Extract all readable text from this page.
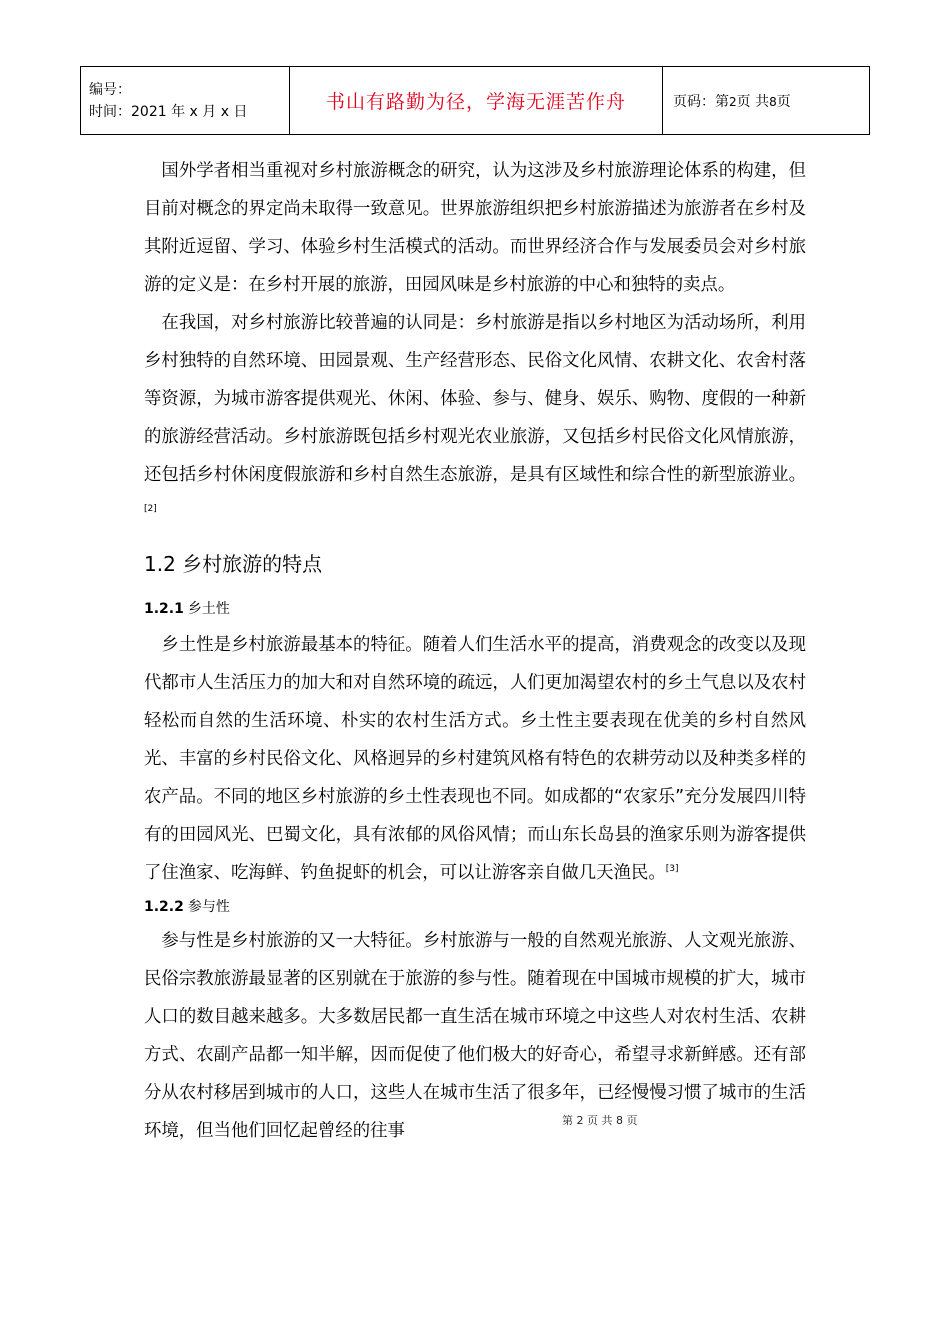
编号：
时间：2021 年 x 月 x 日	书山有路勤为径，学海无涯苦作舟	页码：第2页 共8页

国外学者相当重视对乡村旅游概念的研究，认为这涉及乡村旅游理论体系的构建，但目前对概念的界定尚未取得一致意见。世界旅游组织把乡村旅游描述为旅游者在乡村及其附近逗留、学习、体验乡村生活模式的活动。而世界经济合作与发展委员会对乡村旅游的定义是：在乡村开展的旅游，田园风味是乡村旅游的中心和独特的卖点。

在我国，对乡村旅游比较普遍的认同是：乡村旅游是指以乡村地区为活动场所，利用乡村独特的自然环境、田园景观、生产经营形态、民俗文化风情、农耕文化、农舍村落等资源，为城市游客提供观光、休闲、体验、参与、健身、娱乐、购物、度假的一种新的旅游经营活动。乡村旅游既包括乡村观光农业旅游，又包括乡村民俗文化风情旅游，还包括乡村休闲度假旅游和乡村自然生态旅游，是具有区域性和综合性的新型旅游业。[2]

1.2 乡村旅游的特点
1.2.1 乡土性

乡土性是乡村旅游最基本的特征。随着人们生活水平的提高，消费观念的改变以及现代都市人生活压力的加大和对自然环境的疏远，人们更加渴望农村的乡土气息以及农村轻松而自然的生活环境、朴实的农村生活方式。乡土性主要表现在优美的乡村自然风光、丰富的乡村民俗文化、风格迥异的乡村建筑风格有特色的农耕劳动以及种类多样的农产品。不同的地区乡村旅游的乡土性表现也不同。如成都的“农家乐”充分发展四川特有的田园风光、巴蜀文化，具有浓郁的风俗风情；而山东长岛县的渔家乐则为游客提供了住渔家、吃海鲜、钓鱼捉虾的机会，可以让游客亲自做几天渔民。[3]

1.2.2 参与性

参与性是乡村旅游的又一大特征。乡村旅游与一般的自然观光旅游、人文观光旅游、民俗宗教旅游最显著的区别就在于旅游的参与性。随着现在中国城市规模的扩大，城市人口的数目越来越多。大多数居民都一直生活在城市环境之中这些人对农村生活、农耕方式、农副产品都一知半解，因而促使了他们极大的好奇心，希望寻求新鲜感。还有部分从农村移居到城市的人口，这些人在城市生活了很多年，已经慢慢习惯了城市的生活环境，但当他们回忆起曾经的往事

第 2 页 共 8 页
